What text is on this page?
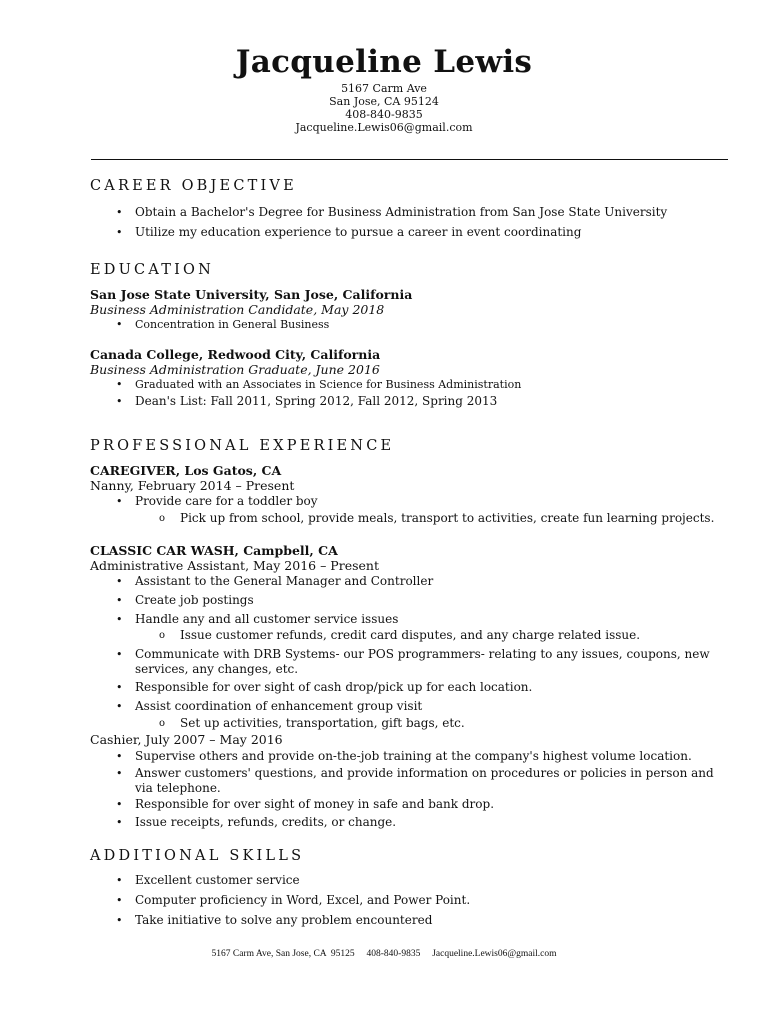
Jacqueline Lewis
5167 Carm Ave
San Jose, CA 95124
408-840-9835
Jacqueline.Lewis06@gmail.com
CAREER OBJECTIVE
• Obtain a Bachelor's Degree for Business Administration from San Jose State University
• Utilize my education experience to pursue a career in event coordinating
EDUCATION
San Jose State University, San Jose, California
Business Administration Candidate, May 2018
• Concentration in General Business
Canada College, Redwood City, California
Business Administration Graduate, June 2016
• Graduated with an Associates in Science for Business Administration
• Dean's List: Fall 2011, Spring 2012, Fall 2012, Spring 2013
PROFESSIONAL EXPERIENCE
CAREGIVER, Los Gatos, CA
Nanny, February 2014 – Present
• Provide care for a toddler boy
o Pick up from school, provide meals, transport to activities, create fun learning projects.
CLASSIC CAR WASH, Campbell, CA
Administrative Assistant, May 2016 – Present
• Assistant to the General Manager and Controller
• Create job postings
• Handle any and all customer service issues
o Issue customer refunds, credit card disputes, and any charge related issue.
• Communicate with DRB Systems- our POS programmers- relating to any issues, coupons, new
services, any changes, etc.
• Responsible for over sight of cash drop/pick up for each location.
• Assist coordination of enhancement group visit
o Set up activities, transportation, gift bags, etc.
Cashier, July 2007 – May 2016
• Supervise others and provide on-the-job training at the company's highest volume location.
• Answer customers' questions, and provide information on procedures or policies in person and
via telephone.
• Responsible for over sight of money in safe and bank drop.
• Issue receipts, refunds, credits, or change.
ADDITIONAL SKILLS
• Excellent customer service
• Computer proficiency in Word, Excel, and Power Point.
• Take initiative to solve any problem encountered
5167 Carm Ave, San Jose, CA  95125     408-840-9835     Jacqueline.Lewis06@gmail.com
